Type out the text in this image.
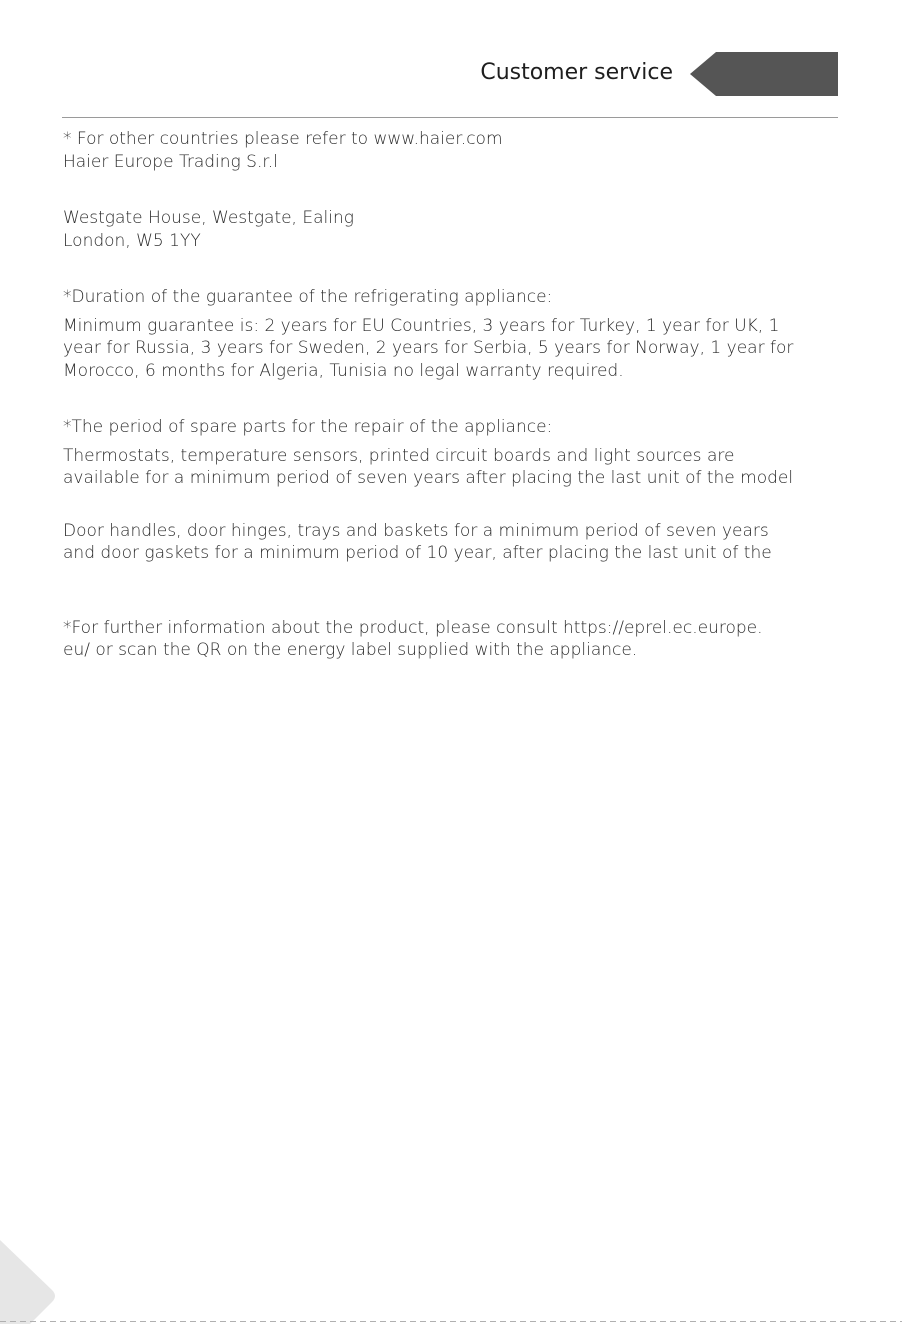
Customer service

* For other countries please refer to www.haier.com

Haier Europe Trading S.r.l

Westgate House, Westgate, Ealing

London, W5 1YY

*Duration of the guarantee of the refrigerating appliance:

Minimum guarantee is: 2 years for EU Countries, 3 years for Turkey, 1 year for UK, 1

year for Russia, 3 years for Sweden, 2 years for Serbia, 5 years for Norway, 1 year for

Morocco, 6 months for Algeria, Tunisia no legal warranty required.

*The period of spare parts for the repair of the appliance:

Thermostats, temperature sensors, printed circuit boards and light sources are

available for a minimum period of seven years after placing the last unit of the model

Door handles, door hinges, trays and baskets for a minimum period of seven years

and door gaskets for a minimum period of 10 year, after placing the last unit of the

*For further information about the product, please consult https://eprel.ec.europe.

eu/ or scan the QR on the energy label supplied with the appliance.
